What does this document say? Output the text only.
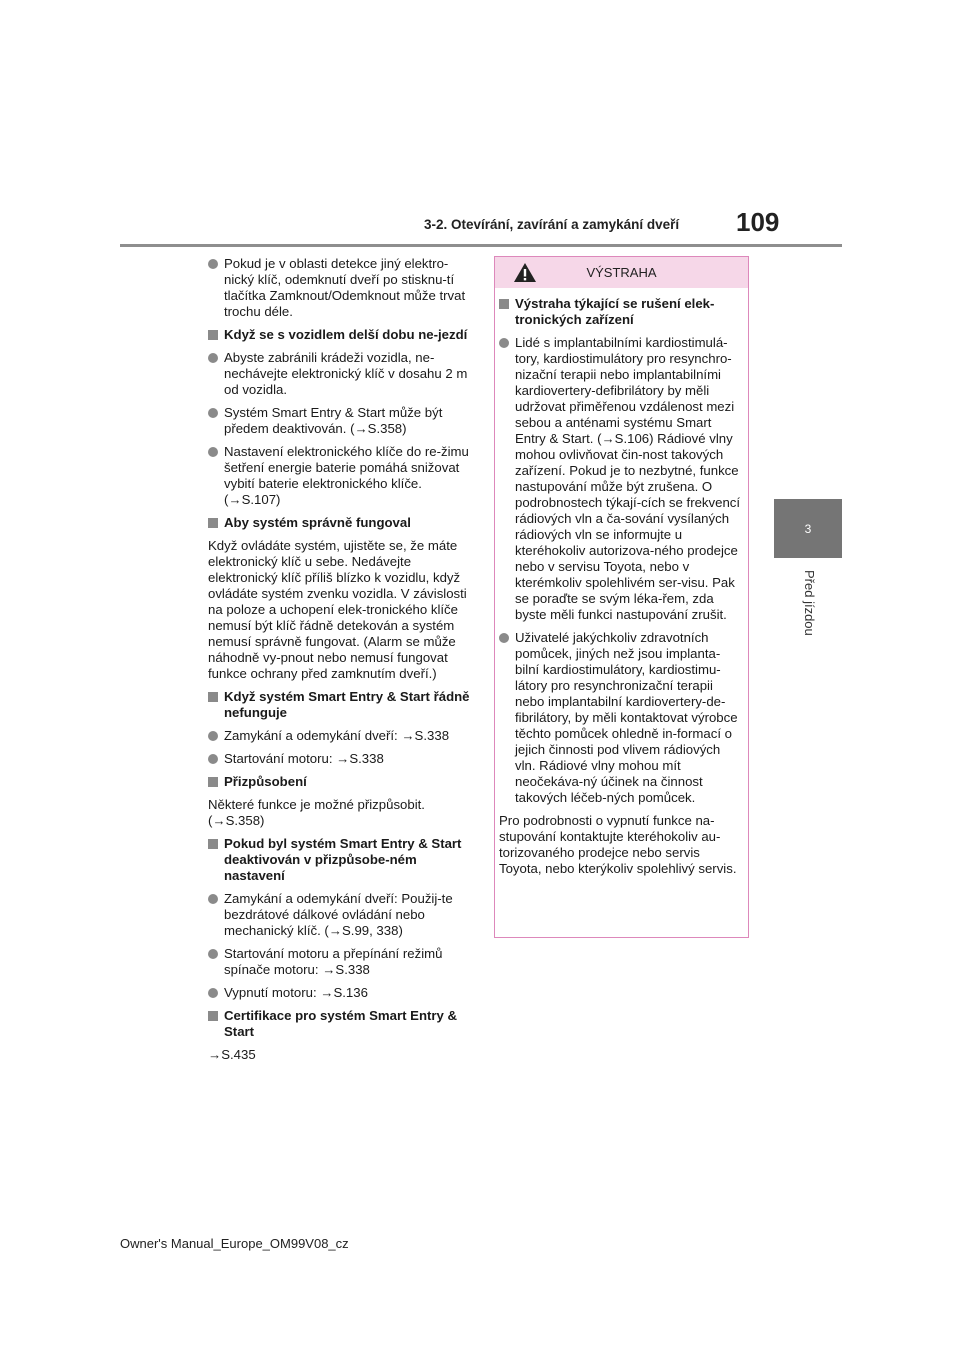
3-2. Otevírání, zavírání a zamykání dveří 109
3
Před jízdou
Pokud je v oblasti detekce jiný elektro-nický klíč, odemknutí dveří po stisknu-tí tlačítka Zamknout/Odemknout může trvat trochu déle.
Když se s vozidlem delší dobu ne-jezdí
Abyste zabránili krádeži vozidla, ne-nechávejte elektronický klíč v dosahu 2 m od vozidla.
Systém Smart Entry & Start může být předem deaktivován. (→S.358)
Nastavení elektronického klíče do re-žimu šetření energie baterie pomáhá snižovat vybití baterie elektronického klíče. (→S.107)
Aby systém správně fungoval
Když ovládáte systém, ujistěte se, že máte elektronický klíč u sebe. Nedávejte elektronický klíč příliš blízko k vozidlu, když ovládáte systém zvenku vozidla. V závislosti na poloze a uchopení elek-tronického klíče nemusí být klíč řádně detekován a systém nemusí správně fungovat. (Alarm se může náhodně vy-pnout nebo nemusí fungovat funkce ochrany před zamknutím dveří.)
Když systém Smart Entry & Start řádně nefunguje
Zamykání a odemykání dveří: →S.338
Startování motoru: →S.338
Přizpůsobení
Některé funkce je možné přizpůsobit. (→S.358)
Pokud byl systém Smart Entry & Start deaktivován v přizpůsobe-ném nastavení
Zamykání a odemykání dveří: Použij-te bezdrátové dálkové ovládání nebo mechanický klíč. (→S.99, 338)
Startování motoru a přepínání režimů spínače motoru: →S.338
Vypnutí motoru: →S.136
Certifikace pro systém Smart Entry & Start
→S.435
VÝSTRAHA
Výstraha týkající se rušení elek-tronických zařízení
Lidé s implantabilními kardiostimulá-tory, kardiostimulátory pro resynchro-nizační terapii nebo implantabilními kardiovertery-defibrilátory by měli udržovat přiměřenou vzdálenost mezi sebou a anténami systému Smart Entry & Start. (→S.106) Rádiové vlny mohou ovlivňovat čin-nost takových zařízení. Pokud je to nezbytné, funkce nastupování může být zrušena. O podrobnostech týkají-cích se frekvencí rádiových vln a ča-sování vysílaných rádiových vln se informujte u kteréhokoliv autorizova-ného prodejce nebo v servisu Toyota, nebo v kterémkoliv spolehlivém ser-visu. Pak se poraďte se svým léka-řem, zda byste měli funkci nastupování zrušit.
Uživatelé jakýchkoliv zdravotních pomůcek, jiných než jsou implanta-bilní kardiostimulátory, kardiostimu-látory pro resynchronizační terapii nebo implantabilní kardiovertery-de-fibrilátory, by měli kontaktovat výrobce těchto pomůcek ohledně in-formací o jejich činnosti pod vlivem rádiových vln. Rádiové vlny mohou mít neočekáva-ný účinek na činnost takových léčeb-ných pomůcek.
Pro podrobnosti o vypnutí funkce na-stupování kontaktujte kteréhokoliv au-torizovaného prodejce nebo servis Toyota, nebo kterýkoliv spolehlivý servis.
Owner's Manual_Europe_OM99V08_cz
